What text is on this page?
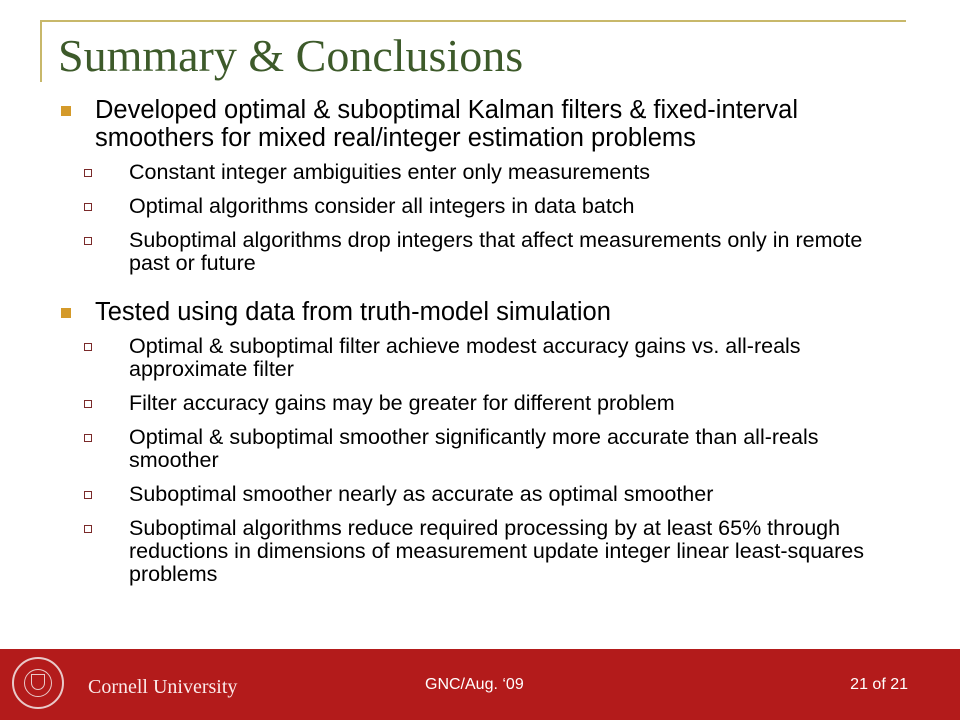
Summary & Conclusions
Developed optimal & suboptimal Kalman filters & fixed-interval smoothers for mixed real/integer estimation problems
Constant integer ambiguities enter only measurements
Optimal algorithms consider all integers in data batch
Suboptimal algorithms drop integers that affect measurements only in remote past or future
Tested using data from truth-model simulation
Optimal & suboptimal filter achieve modest accuracy gains vs. all-reals approximate filter
Filter accuracy gains may be greater for different problem
Optimal & suboptimal smoother significantly more accurate than all-reals smoother
Suboptimal smoother nearly as accurate as optimal smoother
Suboptimal algorithms reduce required processing by at least 65% through reductions in dimensions of measurement update integer linear least-squares problems
Cornell University	GNC/Aug. ‘09	21 of 21
